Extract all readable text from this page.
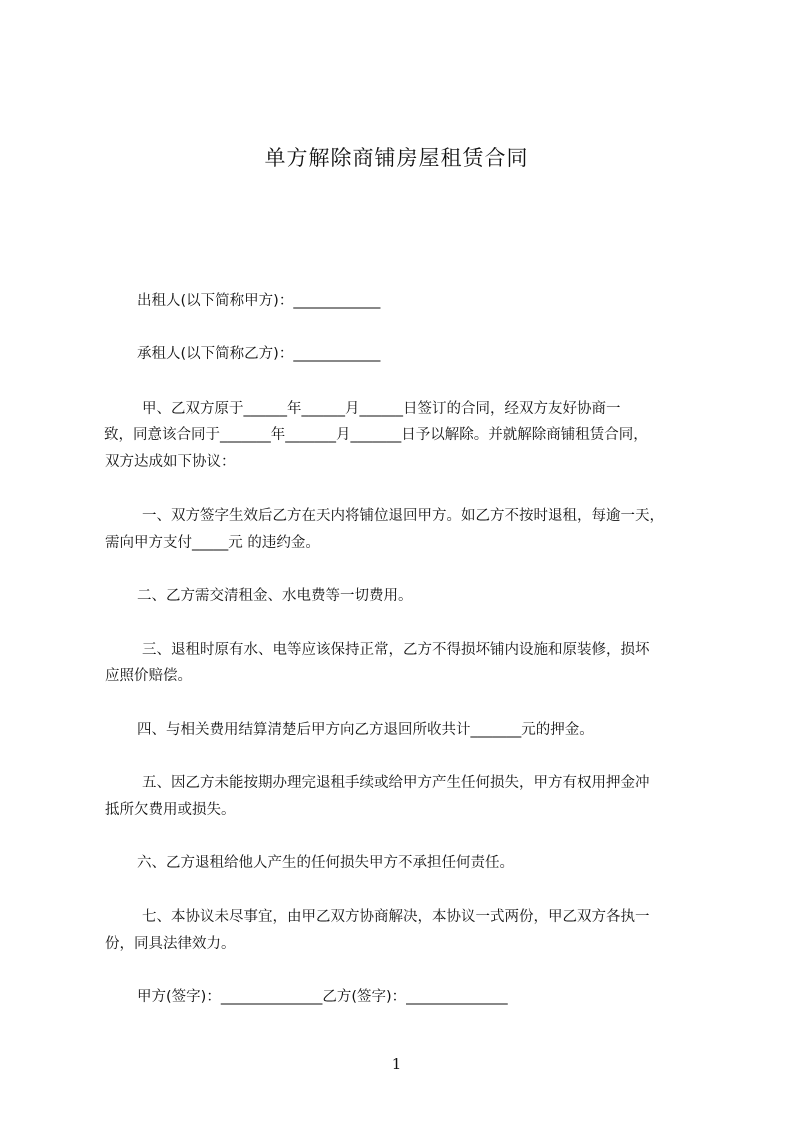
单方解除商铺房屋租赁合同
出租人(以下简称甲方)：____________
承租人(以下简称乙方)：____________
甲、乙双方原于______年______月______日签订的合同，经双方友好协商一
致，同意该合同于_______年_______月_______日予以解除。并就解除商铺租赁合同，
双方达成如下协议：
一、双方签字生效后乙方在天内将铺位退回甲方。如乙方不按时退租，每逾一天，
需向甲方支付_____元 的违约金。
二、乙方需交清租金、水电费等一切费用。
三、退租时原有水、电等应该保持正常，乙方不得损坏铺内设施和原装修，损坏
应照价赔偿。
四、与相关费用结算清楚后甲方向乙方退回所收共计_______元的押金。
五、因乙方未能按期办理完退租手续或给甲方产生任何损失，甲方有权用押金冲
抵所欠费用或损失。
六、乙方退租给他人产生的任何损失甲方不承担任何责任。
七、本协议未尽事宜，由甲乙双方协商解决，本协议一式两份，甲乙双方各执一
份，同具法律效力。
甲方(签字)：______________乙方(签字)：______________
1
